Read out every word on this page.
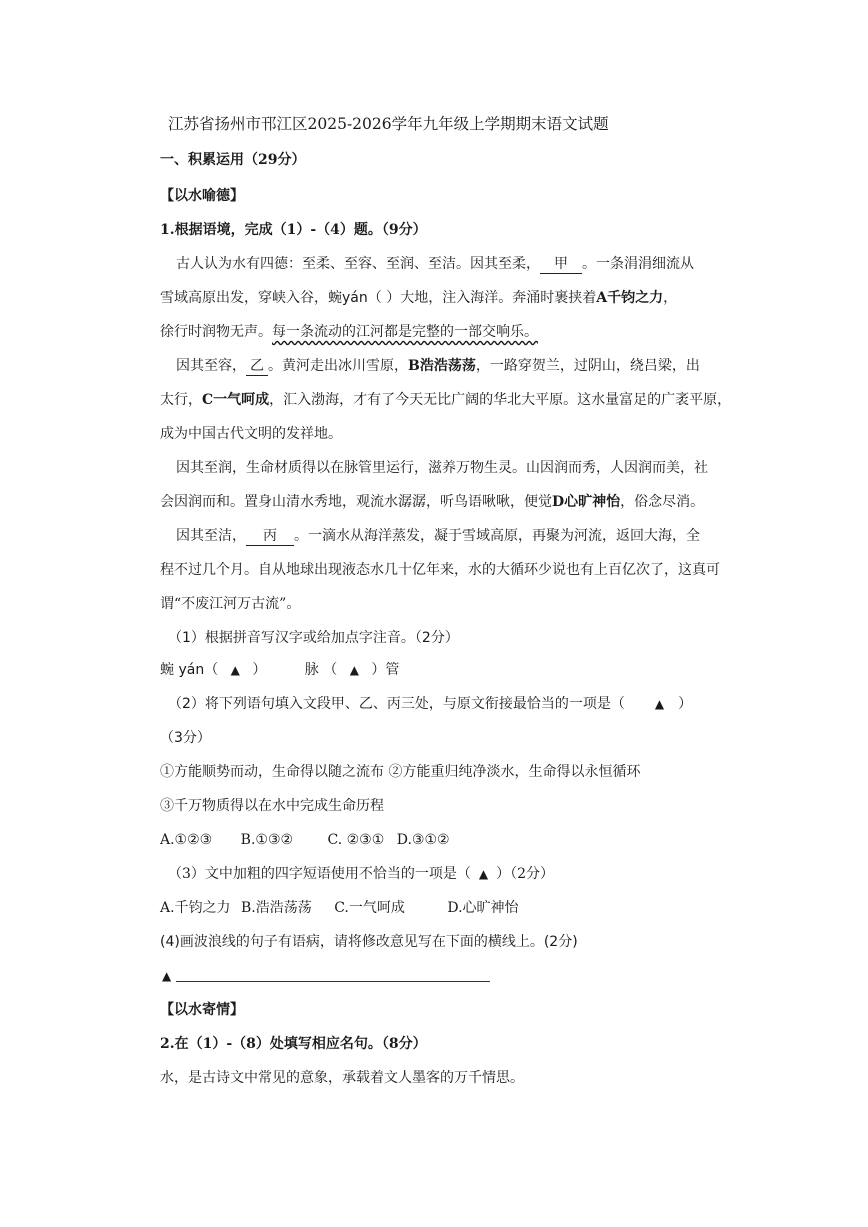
江苏省扬州市邗江区2025-2026学年九年级上学期期末语文试题
一、积累运用（29分）
【以水喻德】
1.根据语境，完成（1）-（4）题。（9分）
古人认为水有四德：至柔、至容、至润、至洁。因其至柔， 甲 。一条涓涓细流从
雪域高原出发，穿峡入谷，蜿yán（ ）大地，注入海洋。奔涌时裹挟着A千钧之力，
徐行时润物无声。每一条流动的江河都是完整的一部交响乐。
因其至容， 乙 。黄河走出冰川雪原，B浩浩荡荡，一路穿贺兰，过阴山，绕吕梁，出
太行，C一气呵成，汇入渤海，才有了今天无比广阔的华北大平原。这水量富足的广袤平原，
成为中国古代文明的发祥地。
因其至润，生命材质得以在脉管里运行，滋养万物生灵。山因润而秀，人因润而美，社
会因润而和。置身山清水秀地，观流水潺潺，听鸟语啾啾，便觉D心旷神怡，俗念尽消。
因其至洁， 丙 。一滴水从海洋蒸发，凝于雪域高原，再聚为河流，返回大海，全
程不过几个月。自从地球出现液态水几十亿年来，水的大循环少说也有上百亿次了，这真可
谓“不废江河万古流”。
（1）根据拼音写汉字或给加点字注音。（2分）
蜿 yán（ ▲ ）	脉 （ ▲ ）管
（2）将下列语句填入文段甲、乙、丙三处，与原文衔接最恰当的一项是（	▲ ）
（3分）
①方能顺势而动，生命得以随之流布 ②方能重归纯净淡水，生命得以永恒循环
③千万物质得以在水中完成生命历程
A.①②③ B.①③② C. ②③① D.③①②
（3）文中加粗的四字短语使用不恰当的一项是（ ▲ ）（2分）
A.千钧之力 B.浩浩荡荡 C.一气呵成	D.心旷神怡
(4)画波浪线的句子有语病，请将修改意见写在下面的横线上。(2分)
▲
【以水寄情】
2.在（1）-（8）处填写相应名句。（8分）
水，是古诗文中常见的意象，承载着文人墨客的万千情思。
